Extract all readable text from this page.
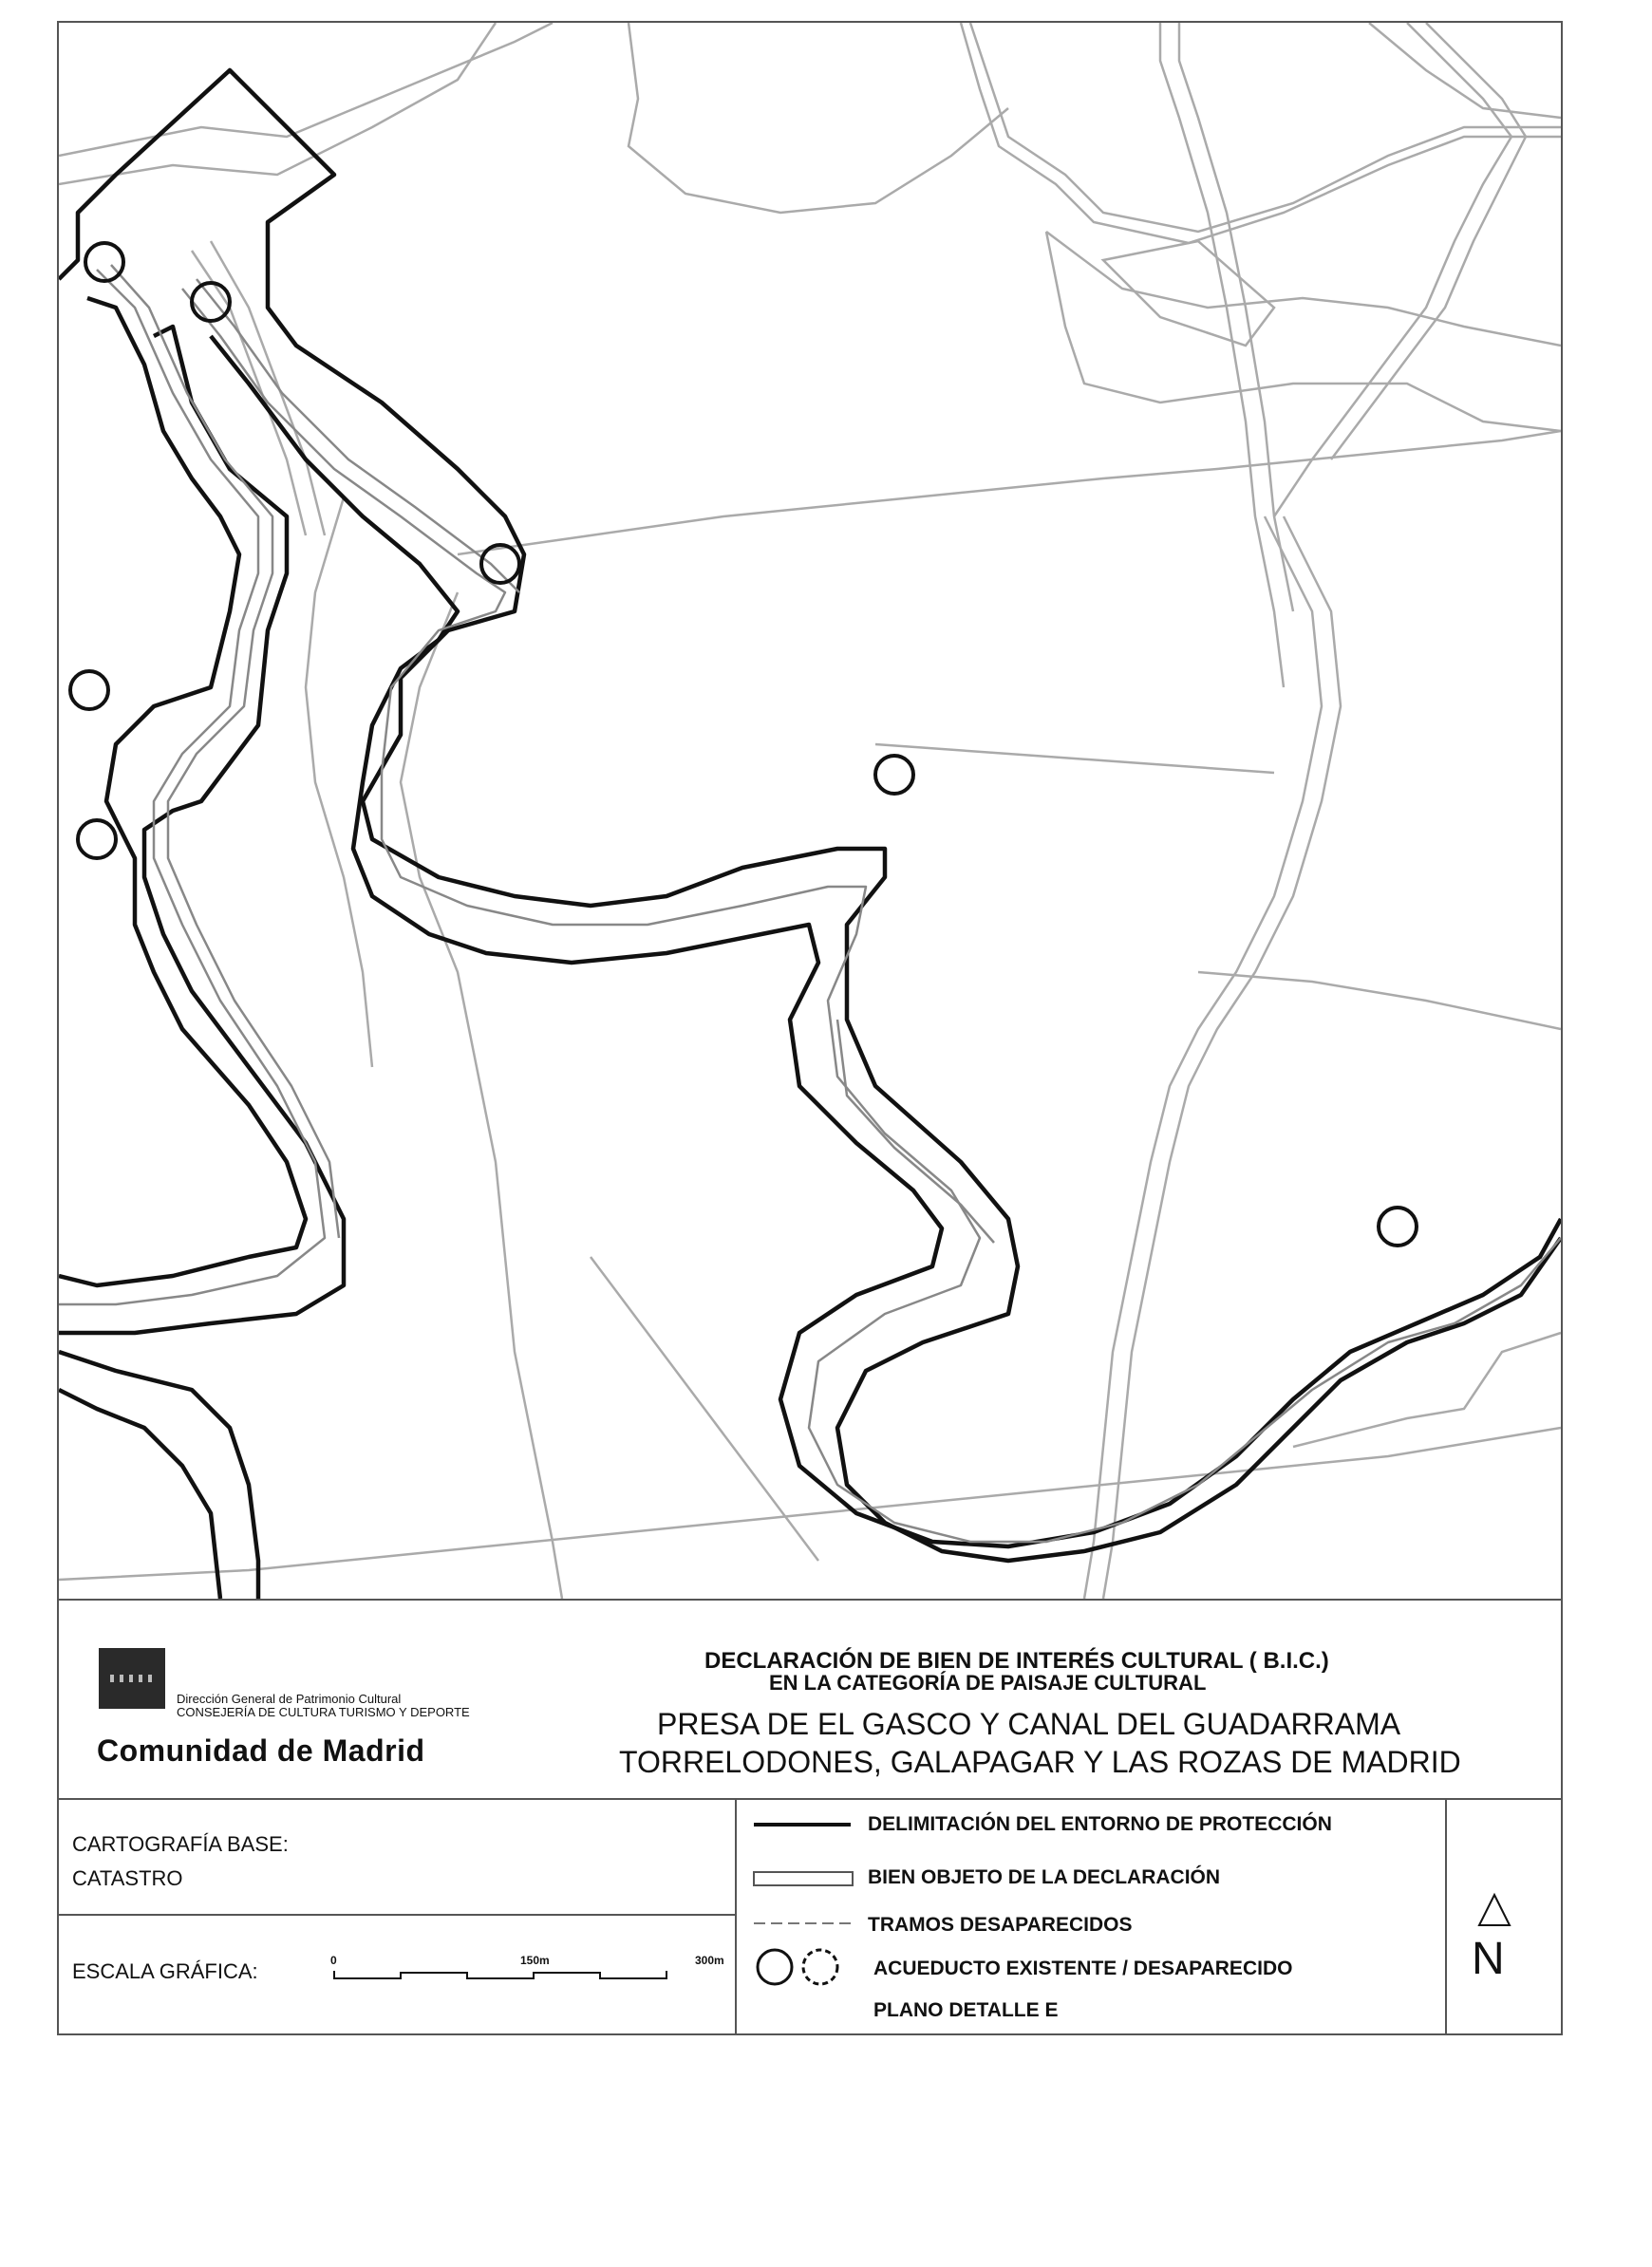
Dirección General de Patrimonio Cultural
CONSEJERÍA DE CULTURA TURISMO Y DEPORTE
Comunidad de Madrid
DECLARACIÓN DE BIEN DE INTERÉS CULTURAL ( B.I.C.)
EN LA CATEGORÍA DE PAISAJE CULTURAL
PRESA DE EL GASCO Y CANAL DEL GUADARRAMA
TORRELODONES, GALAPAGAR Y LAS ROZAS DE MADRID
CARTOGRAFÍA BASE:
CATASTRO
ESCALA GRÁFICA:	0	150m	300m
DELIMITACIÓN DEL ENTORNO DE PROTECCIÓN
BIEN OBJETO DE LA DECLARACIÓN
TRAMOS DESAPARECIDOS
ACUEDUCTO EXISTENTE / DESAPARECIDO
PLANO DETALLE E
N
